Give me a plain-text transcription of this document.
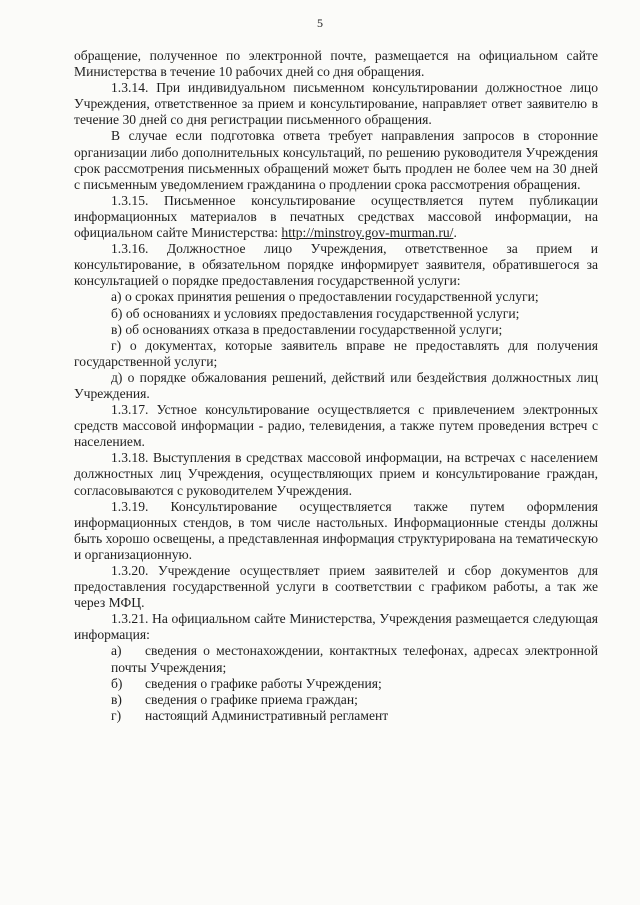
5

обращение, полученное по электронной почте, размещается на официальном сайте Министерства в течение 10 рабочих дней со дня обращения.

1.3.14. При индивидуальном письменном консультировании должностное лицо Учреждения, ответственное за прием и консультирование, направляет ответ заявителю в течение 30 дней со дня регистрации письменного обращения.

В случае если подготовка ответа требует направления запросов в сторонние организации либо дополнительных консультаций, по решению руководителя Учреждения срок рассмотрения письменных обращений может быть продлен не более чем на 30 дней с письменным уведомлением гражданина о продлении срока рассмотрения обращения.

1.3.15. Письменное консультирование осуществляется путем публикации информационных материалов в печатных средствах массовой информации, на официальном сайте Министерства: http://minstroy.gov-murman.ru/.

1.3.16. Должностное лицо Учреждения, ответственное за прием и консультирование, в обязательном порядке информирует заявителя, обратившегося за консультацией о порядке предоставления государственной услуги:

а) о сроках принятия решения о предоставлении государственной услуги;

б) об основаниях и условиях предоставления государственной услуги;

в) об основаниях отказа в предоставлении государственной услуги;

г) о документах, которые заявитель вправе не предоставлять для получения государственной услуги;

д) о порядке обжалования решений, действий или бездействия должностных лиц Учреждения.

1.3.17. Устное консультирование осуществляется с привлечением электронных средств массовой информации - радио, телевидения, а также путем проведения встреч с населением.

1.3.18. Выступления в средствах массовой информации, на встречах с населением должностных лиц Учреждения, осуществляющих прием и консультирование граждан, согласовываются с руководителем Учреждения.

1.3.19. Консультирование осуществляется также путем оформления информационных стендов, в том числе настольных. Информационные стенды должны быть хорошо освещены, а представленная информация структурирована на тематическую и организационную.

1.3.20. Учреждение осуществляет прием заявителей и сбор документов для предоставления государственной услуги в соответствии с графиком работы, а так же через МФЦ.

1.3.21. На официальном сайте Министерства, Учреждения размещается следующая информация:

а) сведения о местонахождении, контактных телефонах, адресах электронной почты Учреждения;

б) сведения о графике работы Учреждения;

в) сведения о графике приема граждан;

г) настоящий Административный регламент
